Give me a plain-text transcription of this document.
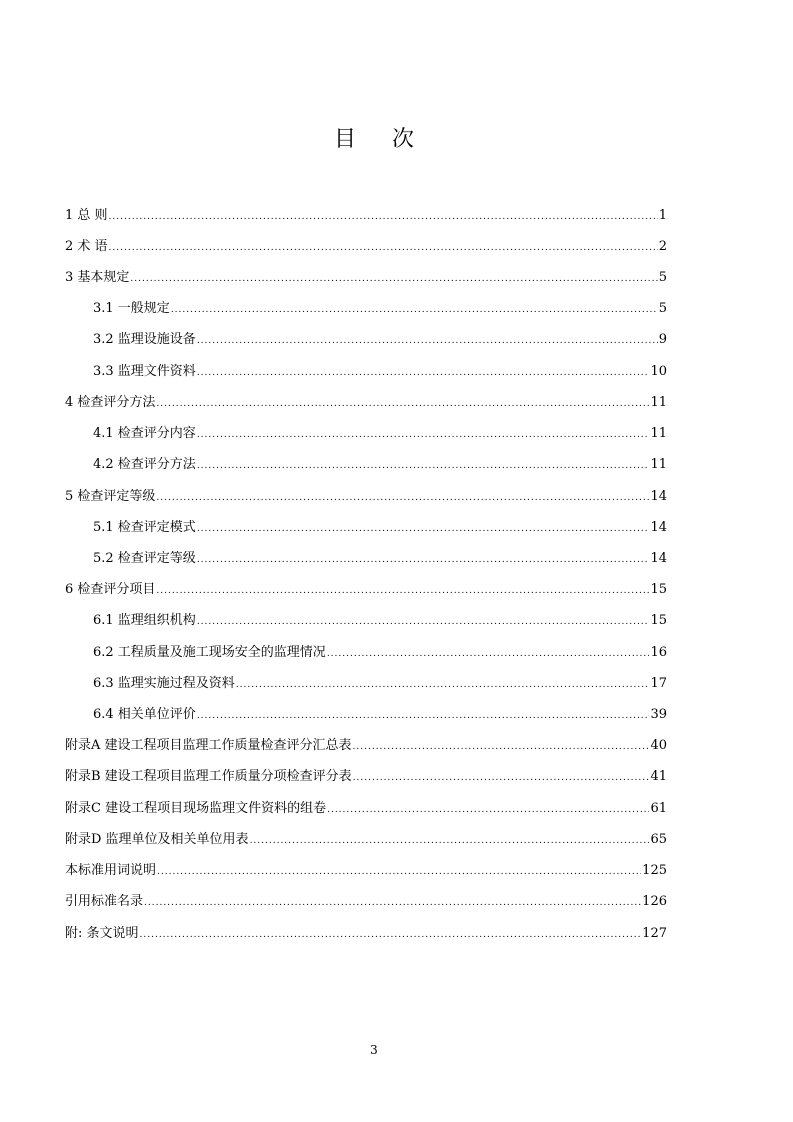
目 次
1 总 则 .....	1
2 术 语 .....	2
3 基本规定 .....	5
3.1 一般规定 .....	5
3.2 监理设施设备 .....	9
3.3 监理文件资料 .....	10
4 检查评分方法 .....	11
4.1 检查评分内容 .....	11
4.2 检查评分方法 .....	11
5 检查评定等级 .....	14
5.1 检查评定模式 .....	14
5.2 检查评定等级 .....	14
6 检查评分项目 .....	15
6.1 监理组织机构 .....	15
6.2 工程质量及施工现场安全的监理情况 .....	16
6.3 监理实施过程及资料 .....	17
6.4 相关单位评价 .....	39
附录A 建设工程项目监理工作质量检查评分汇总表 .....	40
附录B 建设工程项目监理工作质量分项检查评分表 .....	41
附录C 建设工程项目现场监理文件资料的组卷 .....	61
附录D 监理单位及相关单位用表 .....	65
本标准用词说明 .....	125
引用标准名录 .....	126
附: 条文说明 .....	127
3
